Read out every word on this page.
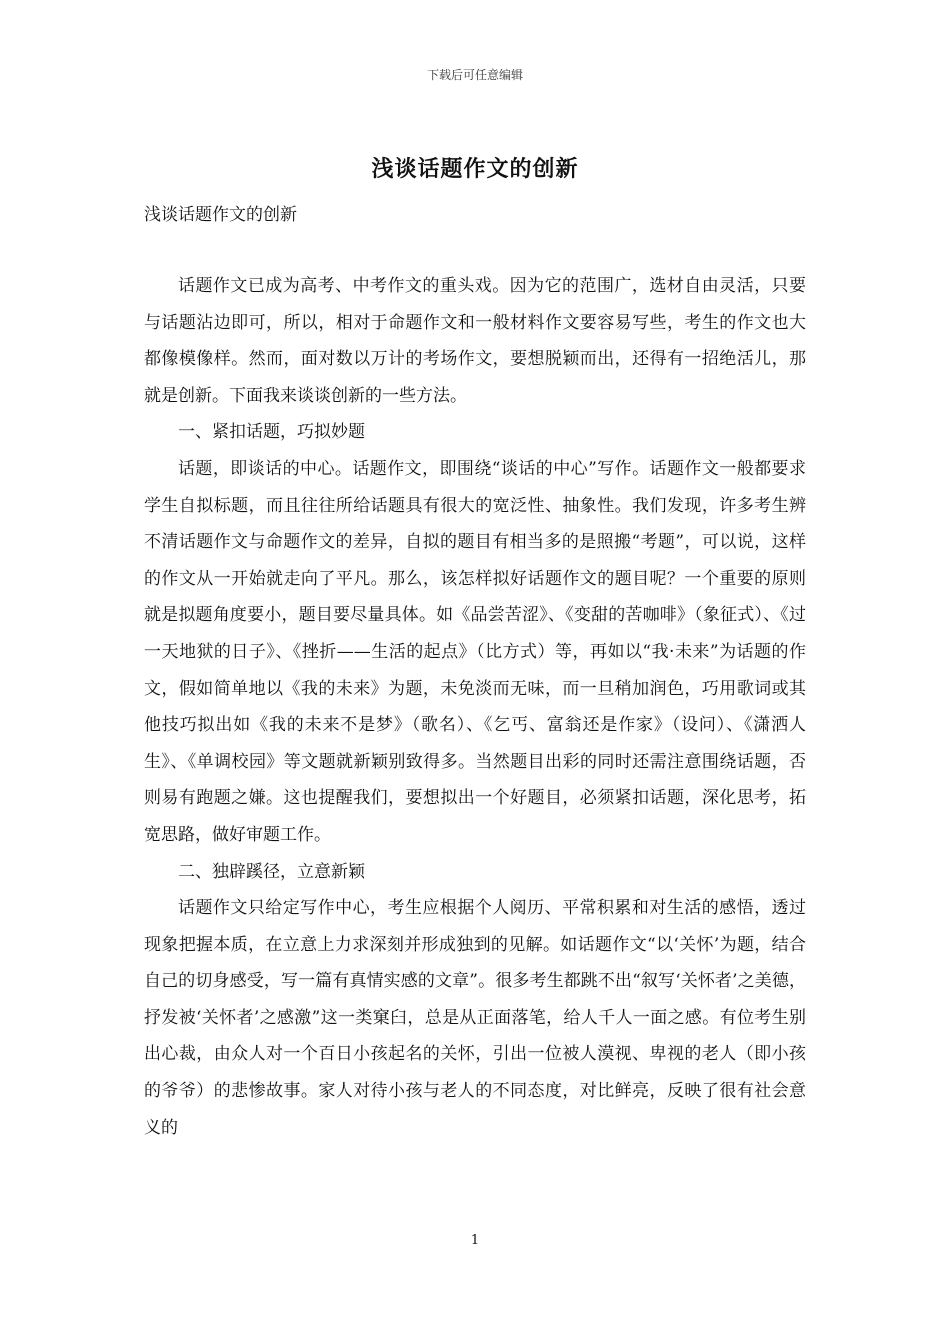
下载后可任意编辑
浅谈话题作文的创新

浅谈话题作文的创新

话题作文已成为高考、中考作文的重头戏。因为它的范围广，选材自由灵活，只要与话题沾边即可，所以，相对于命题作文和一般材料作文要容易写些，考生的作文也大都像模像样。然而，面对数以万计的考场作文，要想脱颖而出，还得有一招绝活儿，那就是创新。下面我来谈谈创新的一些方法。

一、紧扣话题，巧拟妙题

话题，即谈话的中心。话题作文，即围绕“谈话的中心”写作。话题作文一般都要求学生自拟标题，而且往往所给话题具有很大的宽泛性、抽象性。我们发现，许多考生辨不清话题作文与命题作文的差异，自拟的题目有相当多的是照搬“考题”，可以说，这样的作文从一开始就走向了平凡。那么，该怎样拟好话题作文的题目呢？一个重要的原则就是拟题角度要小，题目要尽量具体。如《品尝苦涩》、《变甜的苦咖啡》（象征式）、《过一天地狱的日子》、《挫折——生活的起点》（比方式）等，再如以“我·未来”为话题的作文，假如简单地以《我的未来》为题，未免淡而无味，而一旦稍加润色，巧用歌词或其他技巧拟出如《我的未来不是梦》（歌名）、《乞丐、富翁还是作家》（设问）、《潇洒人生》、《单调校园》等文题就新颖别致得多。当然题目出彩的同时还需注意围绕话题，否则易有跑题之嫌。这也提醒我们，要想拟出一个好题目，必须紧扣话题，深化思考，拓宽思路，做好审题工作。

二、独辟蹊径，立意新颖

话题作文只给定写作中心，考生应根据个人阅历、平常积累和对生活的感悟，透过现象把握本质，在立意上力求深刻并形成独到的见解。如话题作文“以‘关怀’为题，结合自己的切身感受，写一篇有真情实感的文章”。很多考生都跳不出“叙写‘关怀者’之美德，抒发被‘关怀者’之感激”这一类窠臼，总是从正面落笔，给人千人一面之感。有位考生别出心裁，由众人对一个百日小孩起名的关怀，引出一位被人漠视、卑视的老人（即小孩的爷爷）的悲惨故事。家人对待小孩与老人的不同态度，对比鲜亮，反映了很有社会意义的

1
